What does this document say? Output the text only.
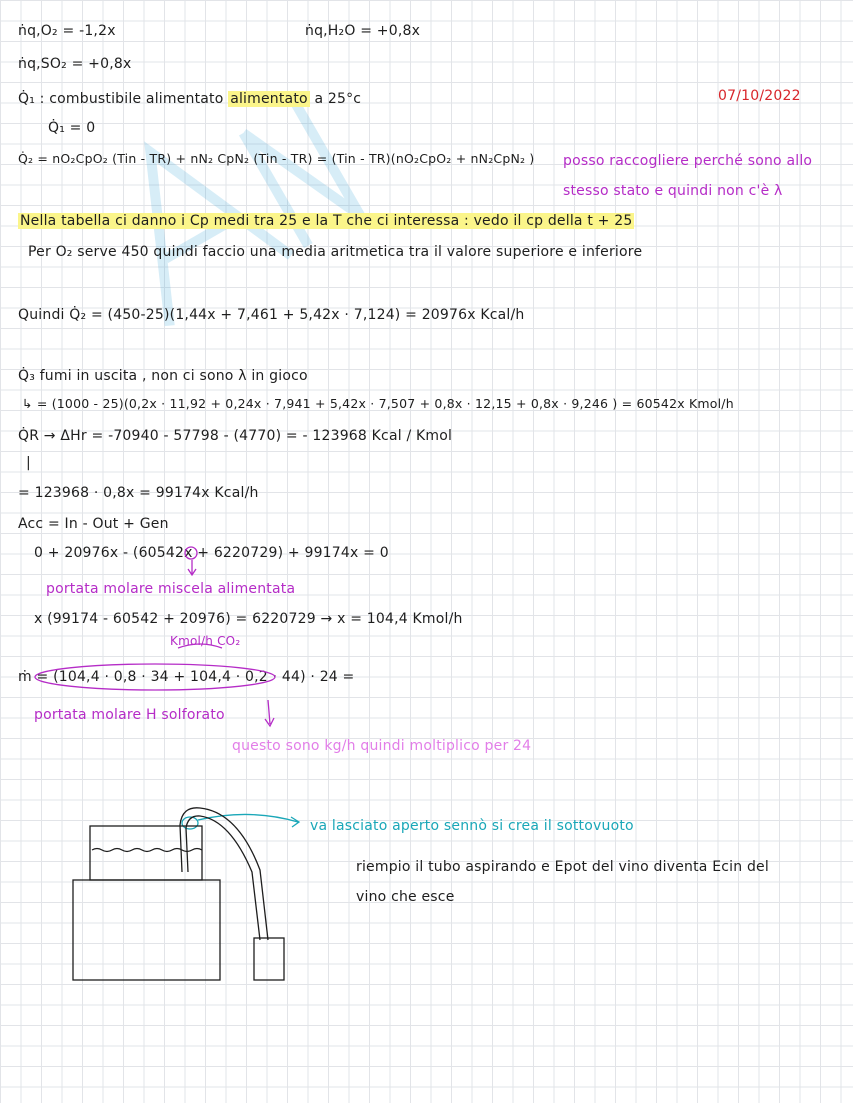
ṅq,O₂ = -1,2x	ṅq,H₂O = +0,8x
ṅq,SO₂ = +0,8x
07/10/2022
Q̇₁ : combustibile alimentato alimentato a 25°c
Q̇₁ = 0
Q̇₂ = nO₂CpO₂ (Tin - TR) + nN₂ CpN₂ (Tin - TR) = (Tin - TR)(nO₂CpO₂ + nN₂CpN₂ ) posso raccogliere perché sono allo
stesso stato e quindi non c'è λ
Nella tabella ci danno i Cp medi tra 25 e la T che ci interessa : vedo il cp della t + 25
Per O₂ serve 450 quindi faccio una media aritmetica tra il valore superiore e inferiore
Quindi Q̇₂ = (450-25)(1,44x + 7,461 + 5,42x · 7,124) = 20976x Kcal/h
Q̇₃ fumi in uscita , non ci sono λ in gioco
↳ = (1000 - 25)(0,2x · 11,92 + 0,24x · 7,941 + 5,42x · 7,507 + 0,8x · 12,15 + 0,8x · 9,246 ) = 60542x Kmol/h
Q̇R → ΔHr = -70940 - 57798 - (4770) = - 123968 Kcal / Kmol
|
= 123968 · 0,8x = 99174x Kcal/h
Acc = In - Out + Gen
0 + 20976x - (60542x + 6220729) + 99174x = 0
portata molare miscela alimentata
x (99174 - 60542 + 20976) = 6220729 → x = 104,4 Kmol/h
Kmol/h CO₂
ṁ = (104,4 · 0,8 · 34 + 104,4 · 0,2 · 44) · 24 =
portata molare H solforato
questo sono kg/h quindi moltiplico per 24
va lasciato aperto sennò si crea il sottovuoto
riempio il tubo aspirando e Epot del vino diventa Ecin del
vino che esce
